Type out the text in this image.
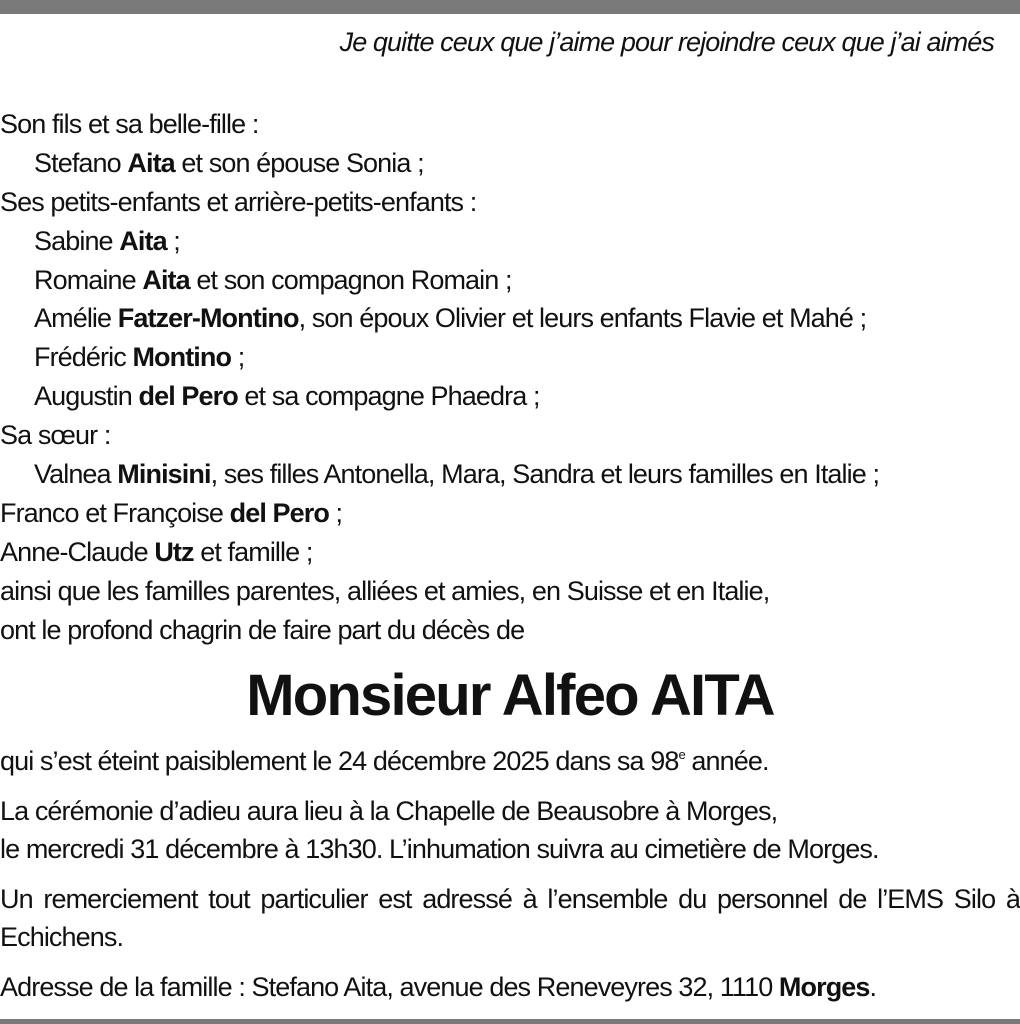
Je quitte ceux que j’aime pour rejoindre ceux que j’ai aimés
Son fils et sa belle-fille :
Stefano Aita et son épouse Sonia ;
Ses petits-enfants et arrière-petits-enfants :
Sabine Aita ;
Romaine Aita et son compagnon Romain ;
Amélie Fatzer-Montino, son époux Olivier et leurs enfants Flavie et Mahé ;
Frédéric Montino ;
Augustin del Pero et sa compagne Phaedra ;
Sa sœur :
Valnea Minisini, ses filles Antonella, Mara, Sandra et leurs familles en Italie ;
Franco et Françoise del Pero ;
Anne-Claude Utz et famille ;
ainsi que les familles parentes, alliées et amies, en Suisse et en Italie,
ont le profond chagrin de faire part du décès de
Monsieur Alfeo AITA
qui s’est éteint paisiblement le 24 décembre 2025 dans sa 98e année.
La cérémonie d’adieu aura lieu à la Chapelle de Beausobre à Morges,
le mercredi 31 décembre à 13h30. L’inhumation suivra au cimetière de Morges.
Un remerciement tout particulier est adressé à l’ensemble du personnel de l’EMS Silo à Echichens.
Adresse de la famille : Stefano Aita, avenue des Reneveyres 32, 1110 Morges.
